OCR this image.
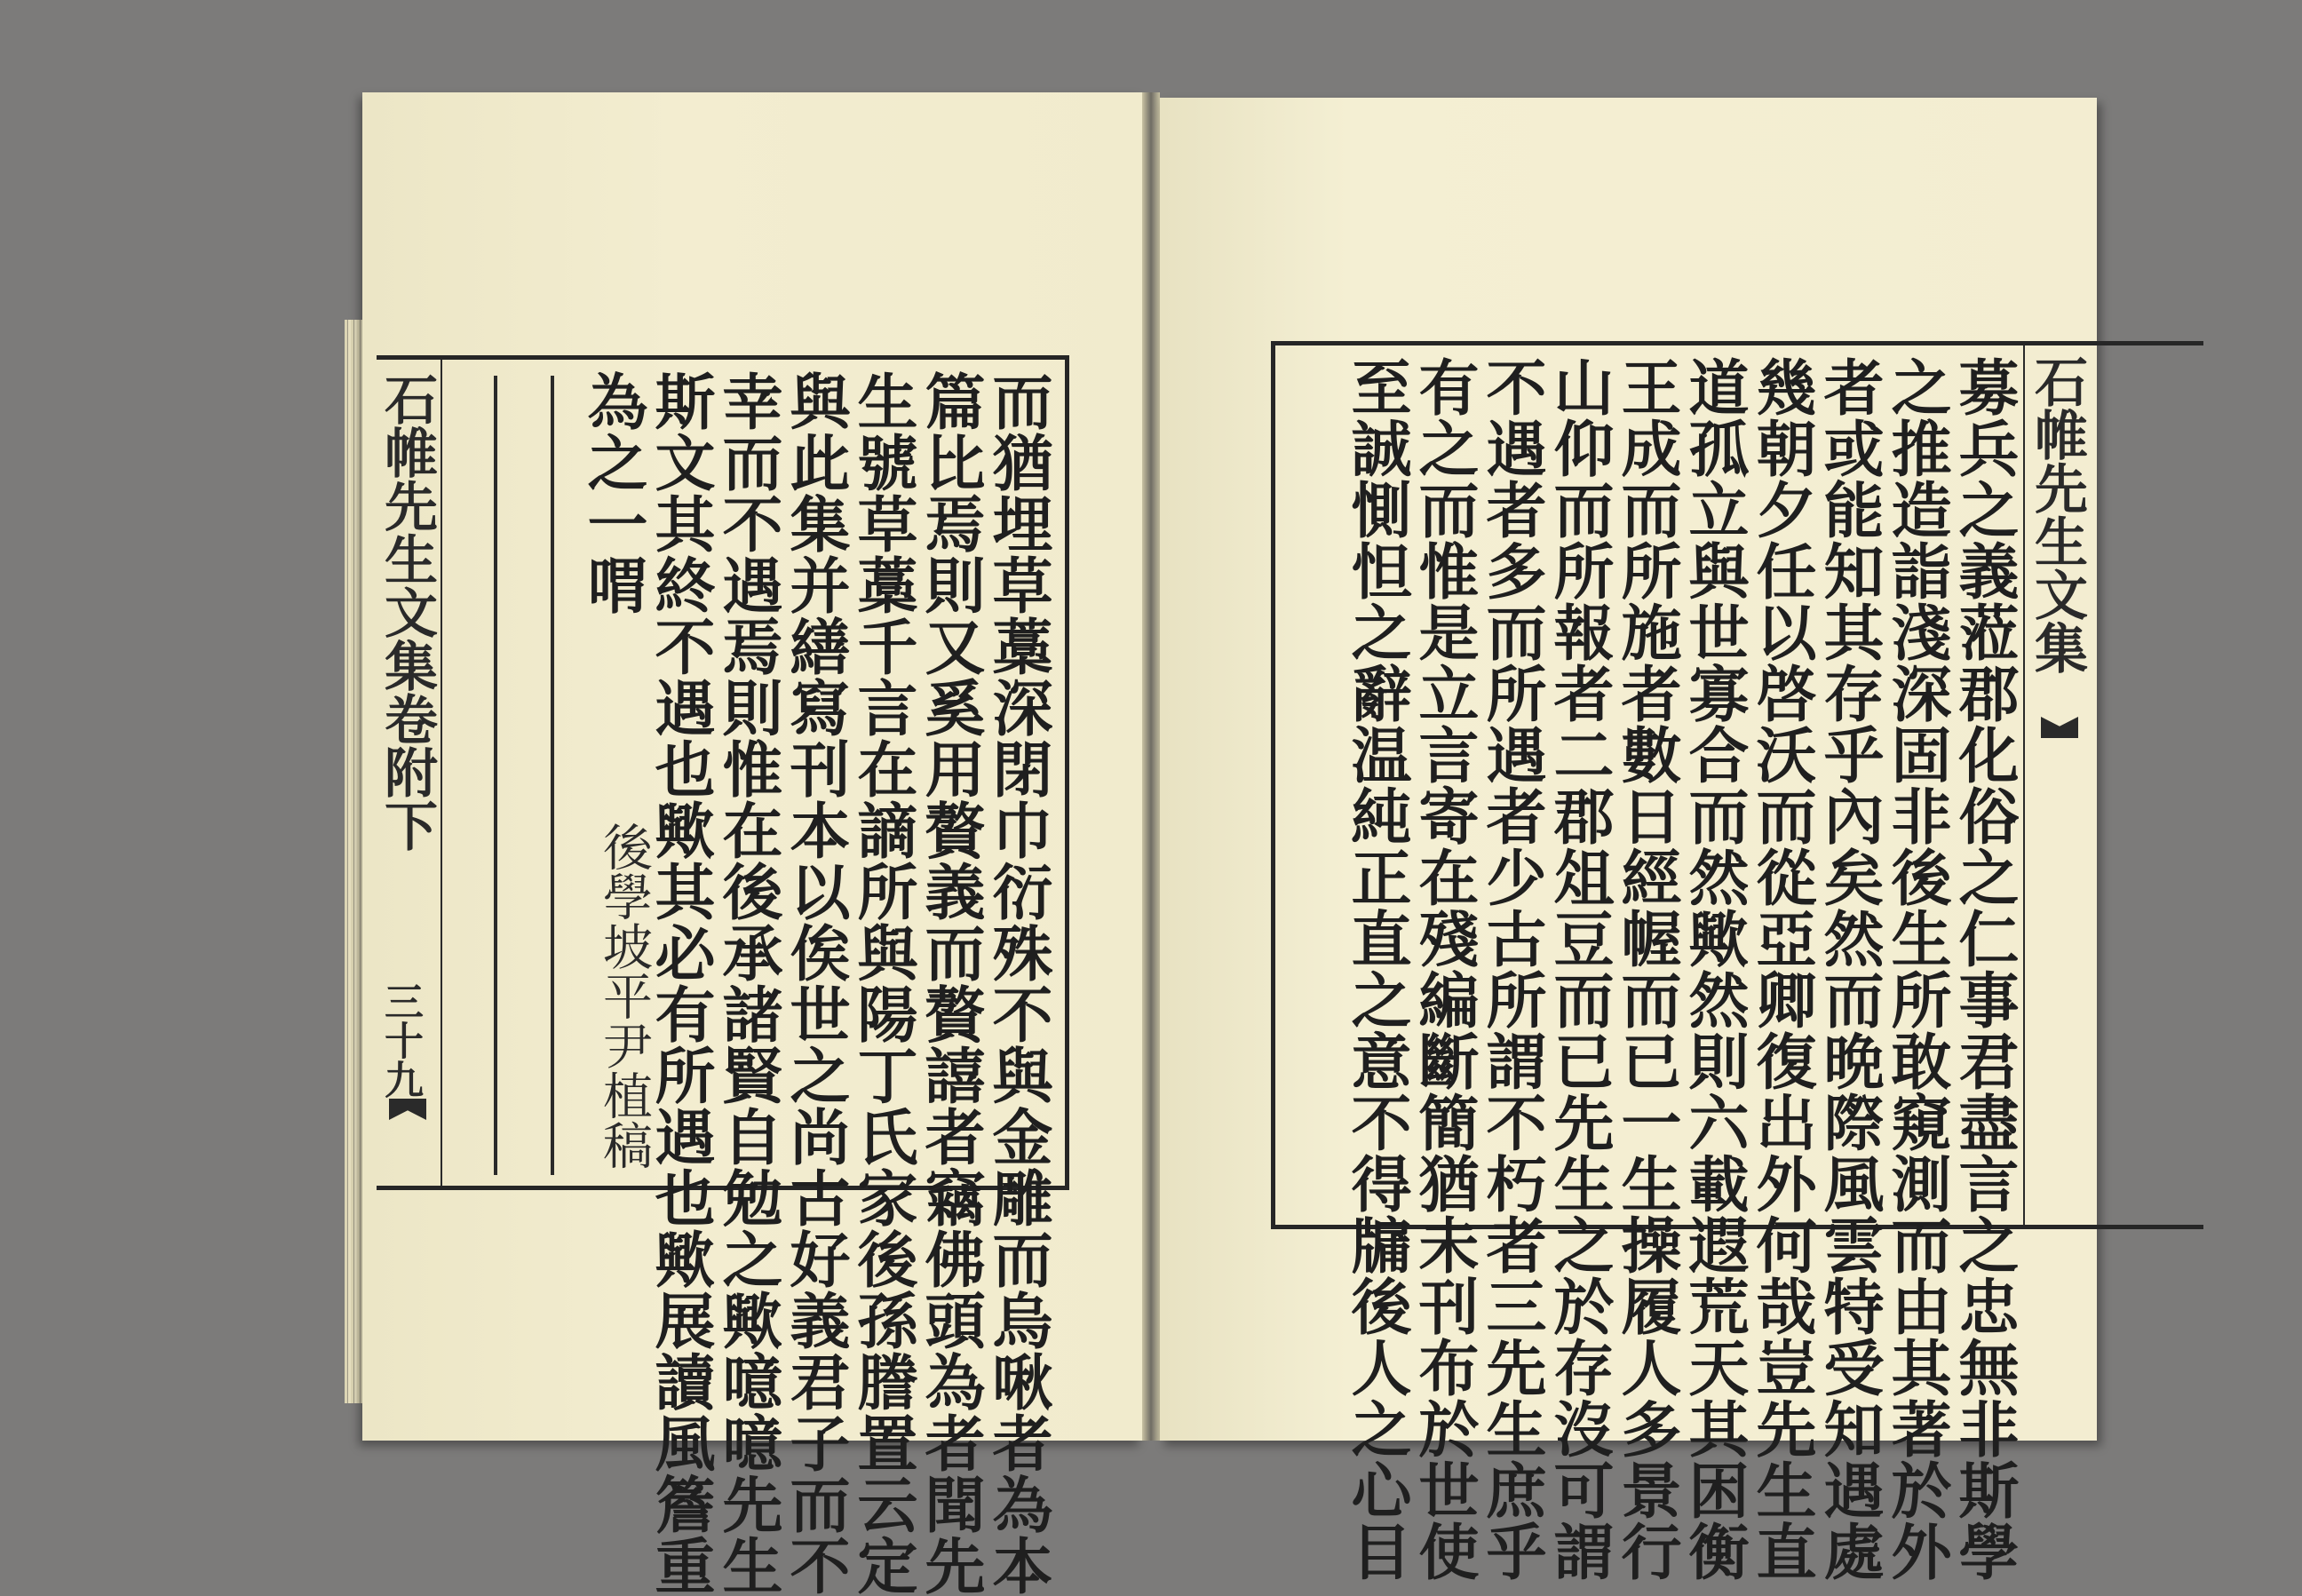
石帷先生文集卷附下
三十九	後學坡平尹植稿	而猶埋草藁深閉巾衍殊不與金雕而烏啾者為本
篇比焉則又奚用贅義而贅譆者竊佛頭為者聞先
生號草藁千言在謫所與陽丁氏家後孫謄置云定
與此集并繕寫刊本以俟世之尚古好義君子而不
幸而不遇焉則惟在後承諸賢自勉之歟噫噫先生
斯文其終不遇也歟其必有所遇也歟展讀風簷重
為之一喟	石帷先生文集
募兵之義蒞郡化俗之仁事君盡言之忠無非斯學
之推造詣淺深固非後生所敢窺測而由其著於外
者或能知其存乎內矣然而晩際風雲特受知遇處
幾朝夕任以啓沃而從亞卿復出外何哉豈先生直
道孤立與世寡合而然歟然則六載遐荒天其困衡
王成而所施者數日經幄而已一生操履人多景行
山仰而所報者二郡俎豆而已先生之於存沒可謂
不遇者多而所遇者少古所謂不朽者三先生庶乎
有之而惟是立言寄在殘編斷簡猶未刊布於世使
至誠惻怛之辭温純正直之意不得牖後人之心目
